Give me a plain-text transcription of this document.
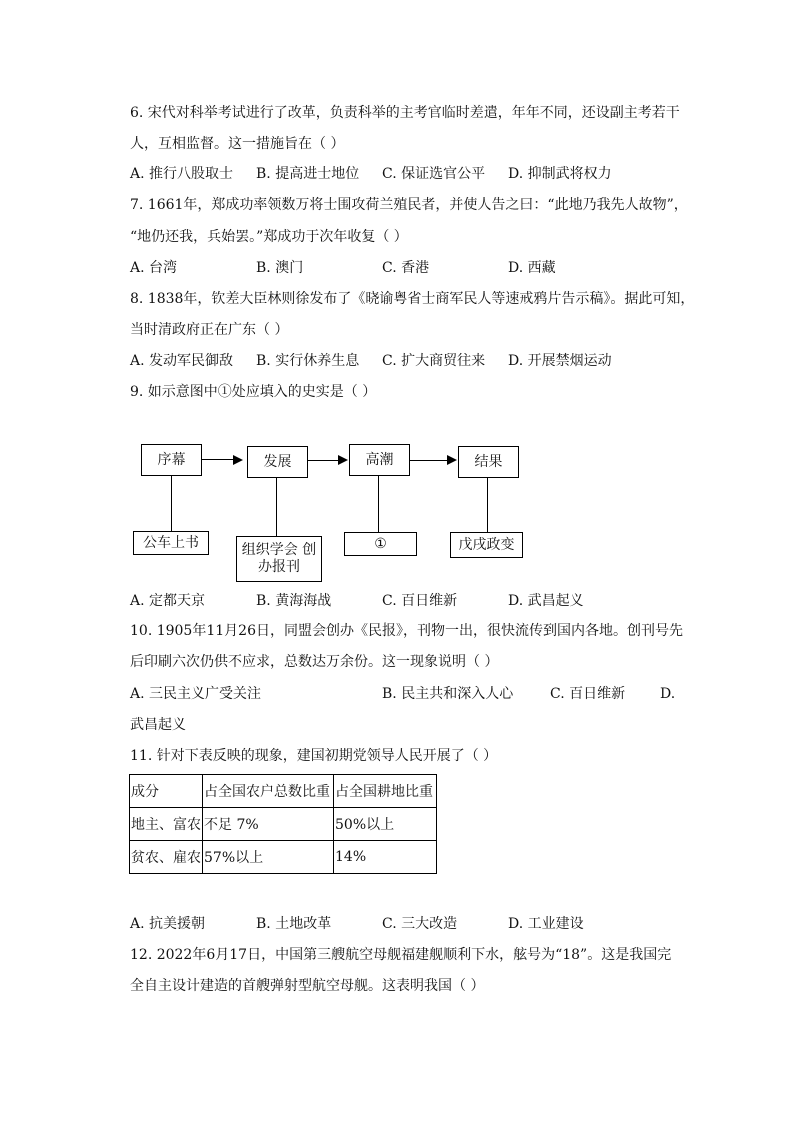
6. 宋代对科举考试进行了改革，负责科举的主考官临时差遣，年年不同，还设副主考若干
人，互相监督。这一措施旨在（ ）
A. 推行八股取士 B. 提高进士地位 C. 保证选官公平 D. 抑制武将权力
7. 1661年，郑成功率领数万将士围攻荷兰殖民者，并使人告之曰：“此地乃我先人故物”，
“地仍还我，兵始罢。”郑成功于次年收复（ ）
A. 台湾	B. 澳门	C. 香港	D. 西藏
8. 1838年，钦差大臣林则徐发布了《晓谕粤省士商军民人等速戒鸦片告示稿》。据此可知，
当时清政府正在广东（ ）
A. 发动军民御敌 B. 实行休养生息 C. 扩大商贸往来 D. 开展禁烟运动
9. 如示意图中①处应填入的史实是（ ）
序幕	发展	高潮	结果
公车上书	组织学会 创办报刊
①	戊戌政变
A. 定都天京	B. 黄海海战	C. 百日维新	D. 武昌起义
10. 1905年11月26日，同盟会创办《民报》，刊物一出，很快流传到国内各地。创刊号先
后印刷六次仍供不应求，总数达万余份。这一现象说明（ ）
A. 三民主义广受关注	B. 民主共和深入人心	C. 百日维新 D.
武昌起义
11. 针对下表反映的现象，建国初期党领导人民开展了（ ）
成分	占全国农户总数比重	占全国耕地比重
地主、富农	不足 7%	50%以上
贫农、雇农	57%以上	14%
A. 抗美援朝	B. 土地改革	C. 三大改造	D. 工业建设
12. 2022年6月17日，中国第三艘航空母舰福建舰顺利下水，舷号为“18”。这是我国完
全自主设计建造的首艘弹射型航空母舰。这表明我国（ ）
